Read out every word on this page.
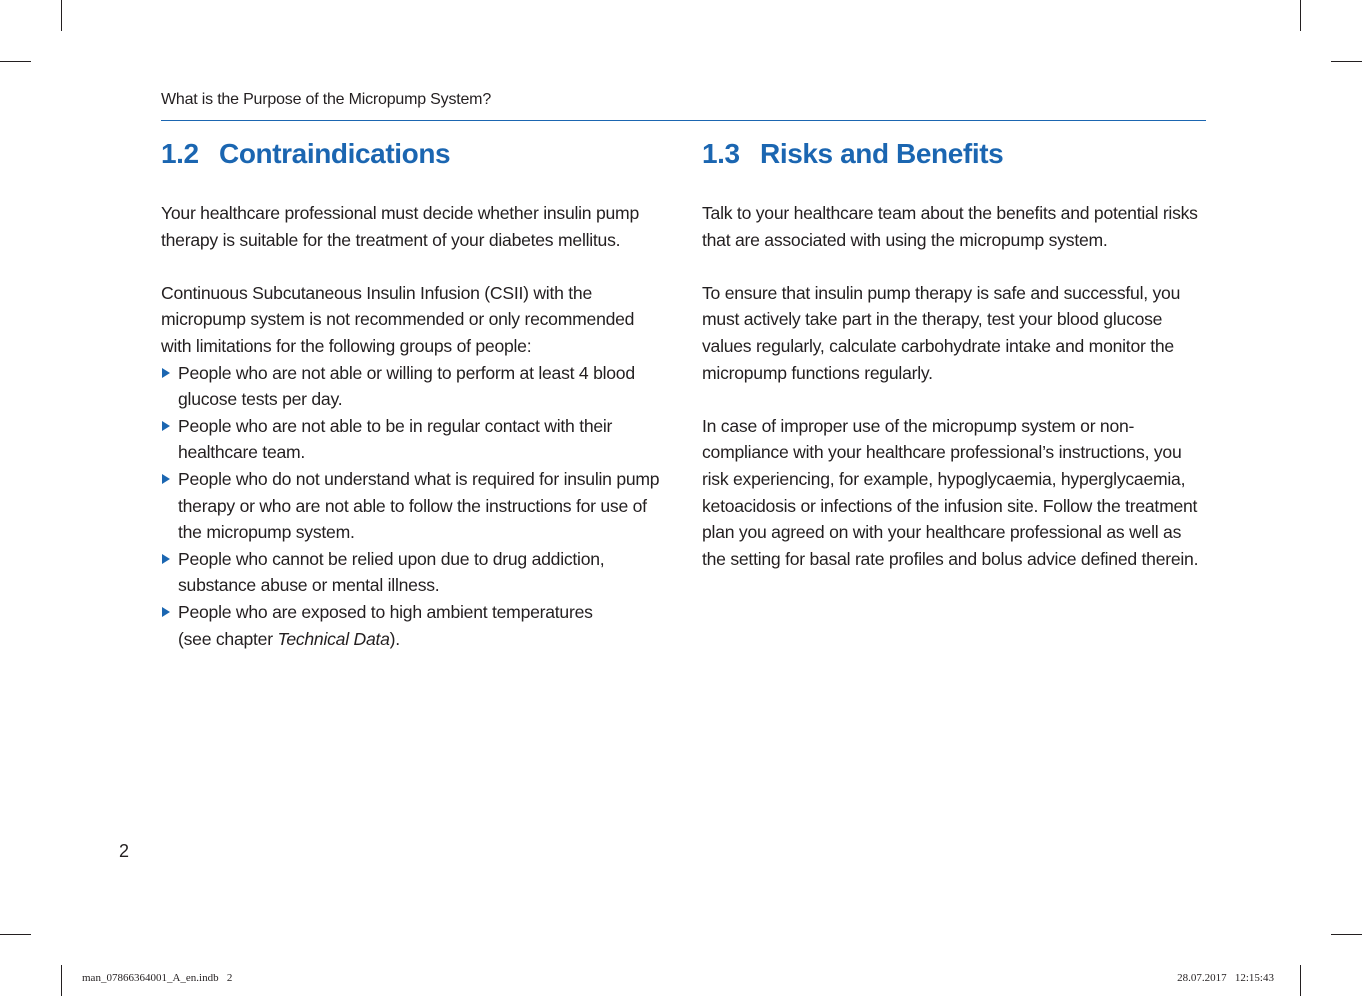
What is the Purpose of the Micropump System?
1.2 Contraindications

Your healthcare professional must decide whether insulin pump therapy is suitable for the treatment of your diabetes mellitus.

Continuous Subcutaneous Insulin Infusion (CSII) with the micropump system is not recommended or only recommended with limitations for the following groups of people:

People who are not able or willing to perform at least 4 blood glucose tests per day.
People who are not able to be in regular contact with their healthcare team.
People who do not understand what is required for insulin pump therapy or who are not able to follow the instructions for use of the micropump system.
People who cannot be relied upon due to drug addiction, substance abuse or mental illness.
People who are exposed to high ambient temperatures
(see chapter Technical Data).
1.3 Risks and Benefits

Talk to your healthcare team about the benefits and potential risks that are associated with using the micropump system.

To ensure that insulin pump therapy is safe and successful, you must actively take part in the therapy, test your blood glucose values regularly, calculate carbohydrate intake and monitor the micropump functions regularly.

In case of improper use of the micropump system or non-compliance with your healthcare professional’s instructions, you risk experiencing, for example, hypoglycaemia, hyperglycaemia, ketoacidosis or infections of the infusion site. Follow the treatment plan you agreed on with your healthcare professional as well as the setting for basal rate profiles and bolus advice defined therein.

2
man_07866364001_A_en.indb   2	28.07.2017   12:15:43
